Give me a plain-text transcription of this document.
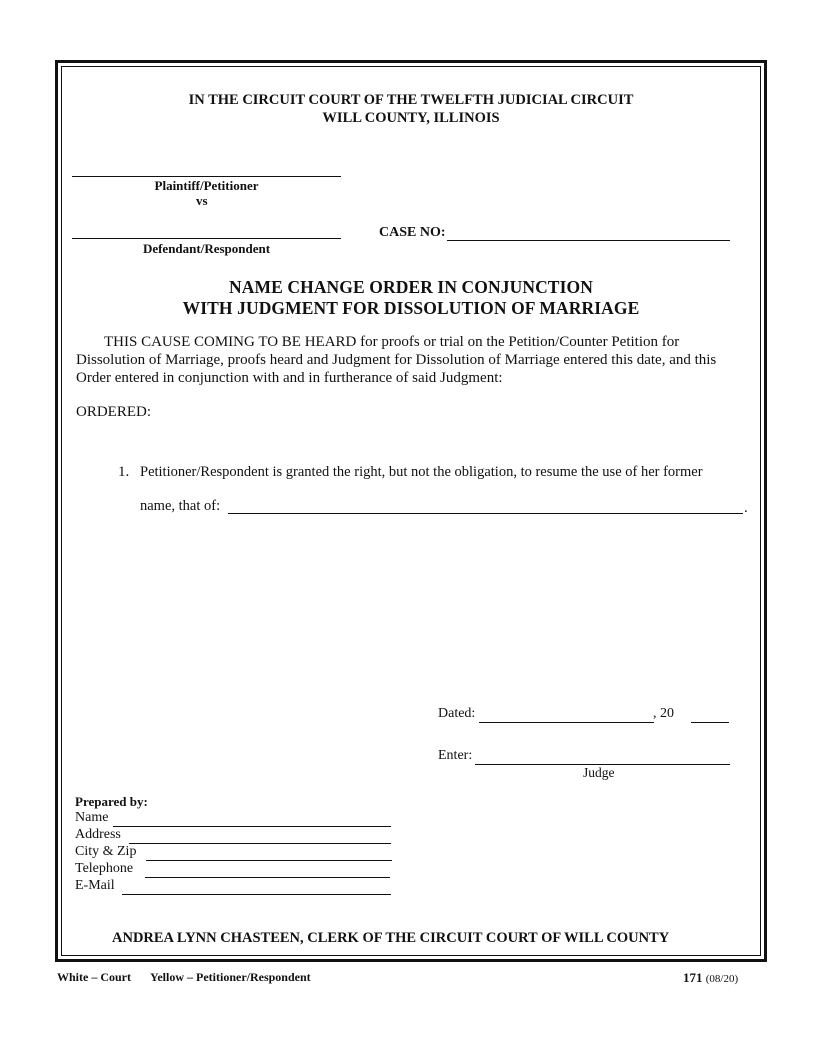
IN THE CIRCUIT COURT OF THE TWELFTH JUDICIAL CIRCUIT
WILL COUNTY, ILLINOIS
Plaintiff/Petitioner
vs
Defendant/Respondent
CASE NO:
NAME CHANGE ORDER IN CONJUNCTION
WITH JUDGMENT FOR DISSOLUTION OF MARRIAGE
THIS CAUSE COMING TO BE HEARD for proofs or trial on the Petition/Counter Petition for
Dissolution of Marriage, proofs heard and Judgment for Dissolution of Marriage entered this date, and this
Order entered in conjunction with and in furtherance of said Judgment:
ORDERED:
1. Petitioner/Respondent is granted the right, but not the obligation, to resume the use of her former
name, that of:	.
Dated:	, 20
Enter:
Judge
Prepared by:
Name
Address
City & Zip
Telephone
E-Mail
ANDREA LYNN CHASTEEN, CLERK OF THE CIRCUIT COURT OF WILL COUNTY
White – Court Yellow – Petitioner/Respondent	171 (08/20)
